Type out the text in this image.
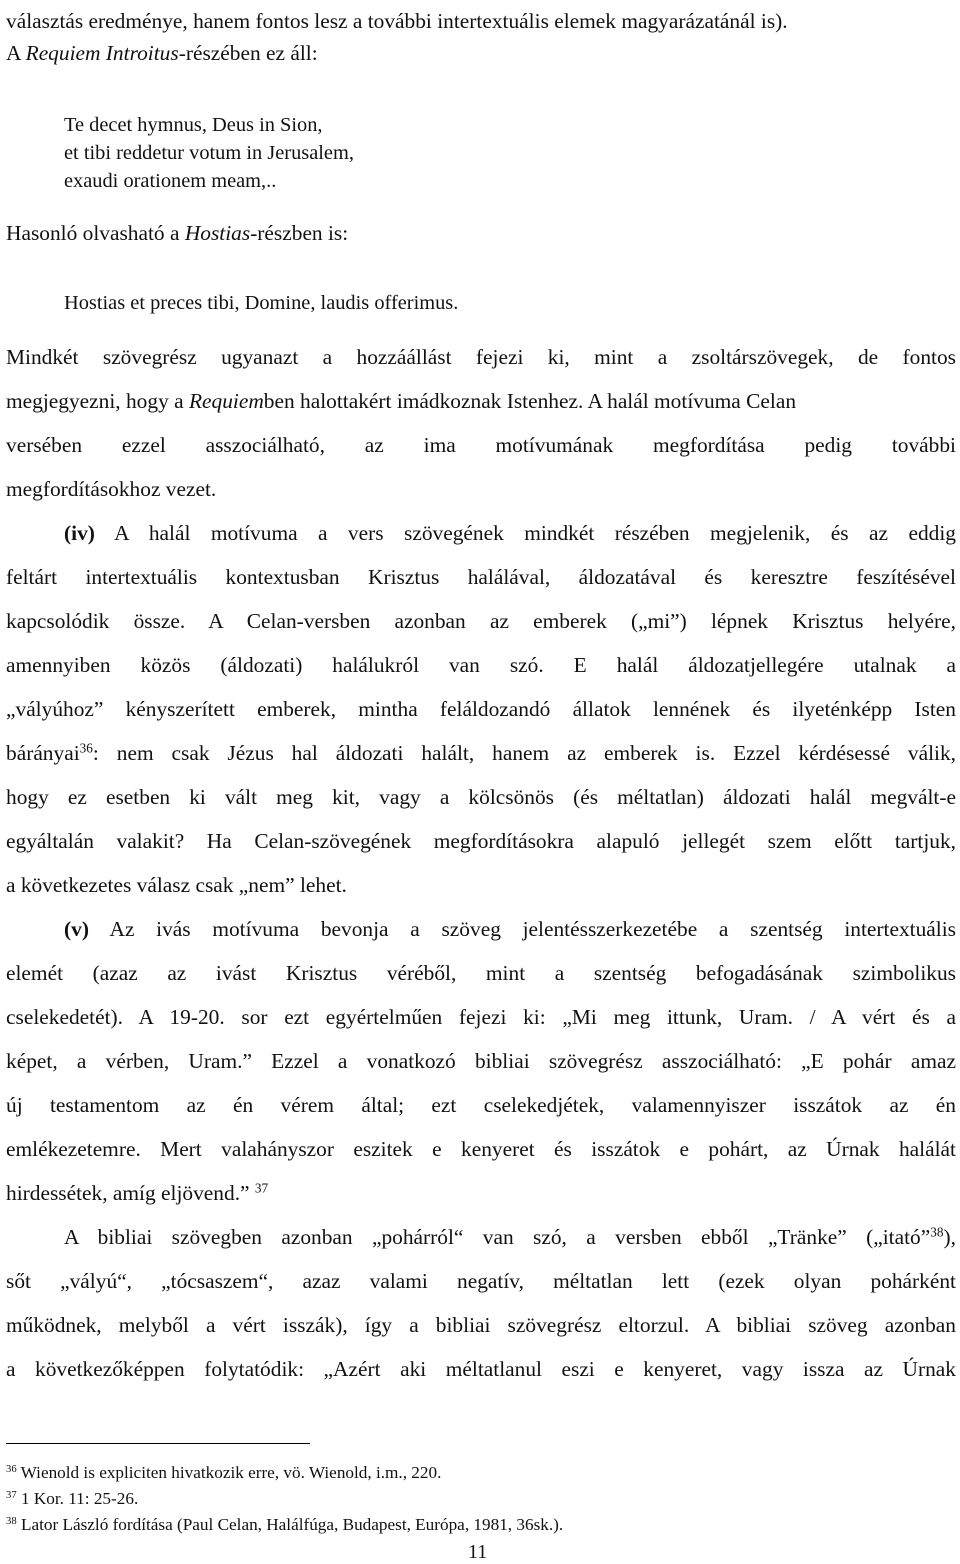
választás eredménye, hanem fontos lesz a további intertextuális elemek magyarázatánál is).
A Requiem Introitus-részében ez áll:
Te decet hymnus, Deus in Sion,
et tibi reddetur votum in Jerusalem,
exaudi orationem meam,..
Hasonló olvasható a Hostias-részben is:
Hostias et preces tibi, Domine, laudis offerimus.
Mindkét szövegrész ugyanazt a hozzáállást fejezi ki, mint a zsoltárszövegek, de fontos
megjegyezni, hogy a Requiemben halottakért imádkoznak Istenhez. A halál motívuma Celan
versében ezzel asszociálható, az ima motívumának megfordítása pedig további
megfordításokhoz vezet.
(iv) A halál motívuma a vers szövegének mindkét részében megjelenik, és az eddig
feltárt intertextuális kontextusban Krisztus halálával, áldozatával és keresztre feszítésével
kapcsolódik össze. A Celan-versben azonban az emberek („mi”) lépnek Krisztus helyére,
amennyiben közös (áldozati) halálukról van szó. E halál áldozatjellegére utalnak a
„vályúhoz” kényszerített emberek, mintha feláldozandó állatok lennének és ilyeténképp Isten
bárányai$^{36}$: nem csak Jézus hal áldozati halált, hanem az emberek is. Ezzel kérdésessé válik,
hogy ez esetben ki vált meg kit, vagy a kölcsönös (és méltatlan) áldozati halál megvált-e
egyáltalán valakit? Ha Celan-szövegének megfordításokra alapuló jellegét szem előtt tartjuk,
a következetes válasz csak „nem” lehet.
(v) Az ivás motívuma bevonja a szöveg jelentésszerkezetébe a szentség intertextuális
elemét (azaz az ivást Krisztus véréből, mint a szentség befogadásának szimbolikus
cselekedetét). A 19-20. sor ezt egyértelműen fejezi ki: „Mi meg ittunk, Uram. / A vért és a
képet, a vérben, Uram.” Ezzel a vonatkozó bibliai szövegrész asszociálható: „E pohár amaz
új testamentom az én vérem által; ezt cselekedjétek, valamennyiszer isszátok az én
emlékezetemre. Mert valahányszor eszitek e kenyeret és isszátok e pohárt, az Úrnak halálát
hirdessétek, amíg eljövend.” $^{37}$
A bibliai szövegben azonban „pohárról“ van szó, a versben ebből „Tränke” („itató”$^{38}$),
sőt „vályú“, „tócsaszem“, azaz valami negatív, méltatlan lett (ezek olyan pohárként
működnek, melyből a vért isszák), így a bibliai szövegrész eltorzul. A bibliai szöveg azonban
a következőképpen folytatódik: „Azért aki méltatlanul eszi e kenyeret, vagy issza az Úrnak
$^{36}$ Wienold is expliciten hivatkozik erre, vö. Wienold, i.m., 220.
$^{37}$ 1 Kor. 11: 25-26.
$^{38}$ Lator László fordítása (Paul Celan, Halálfúga, Budapest, Európa, 1981, 36sk.).
11
